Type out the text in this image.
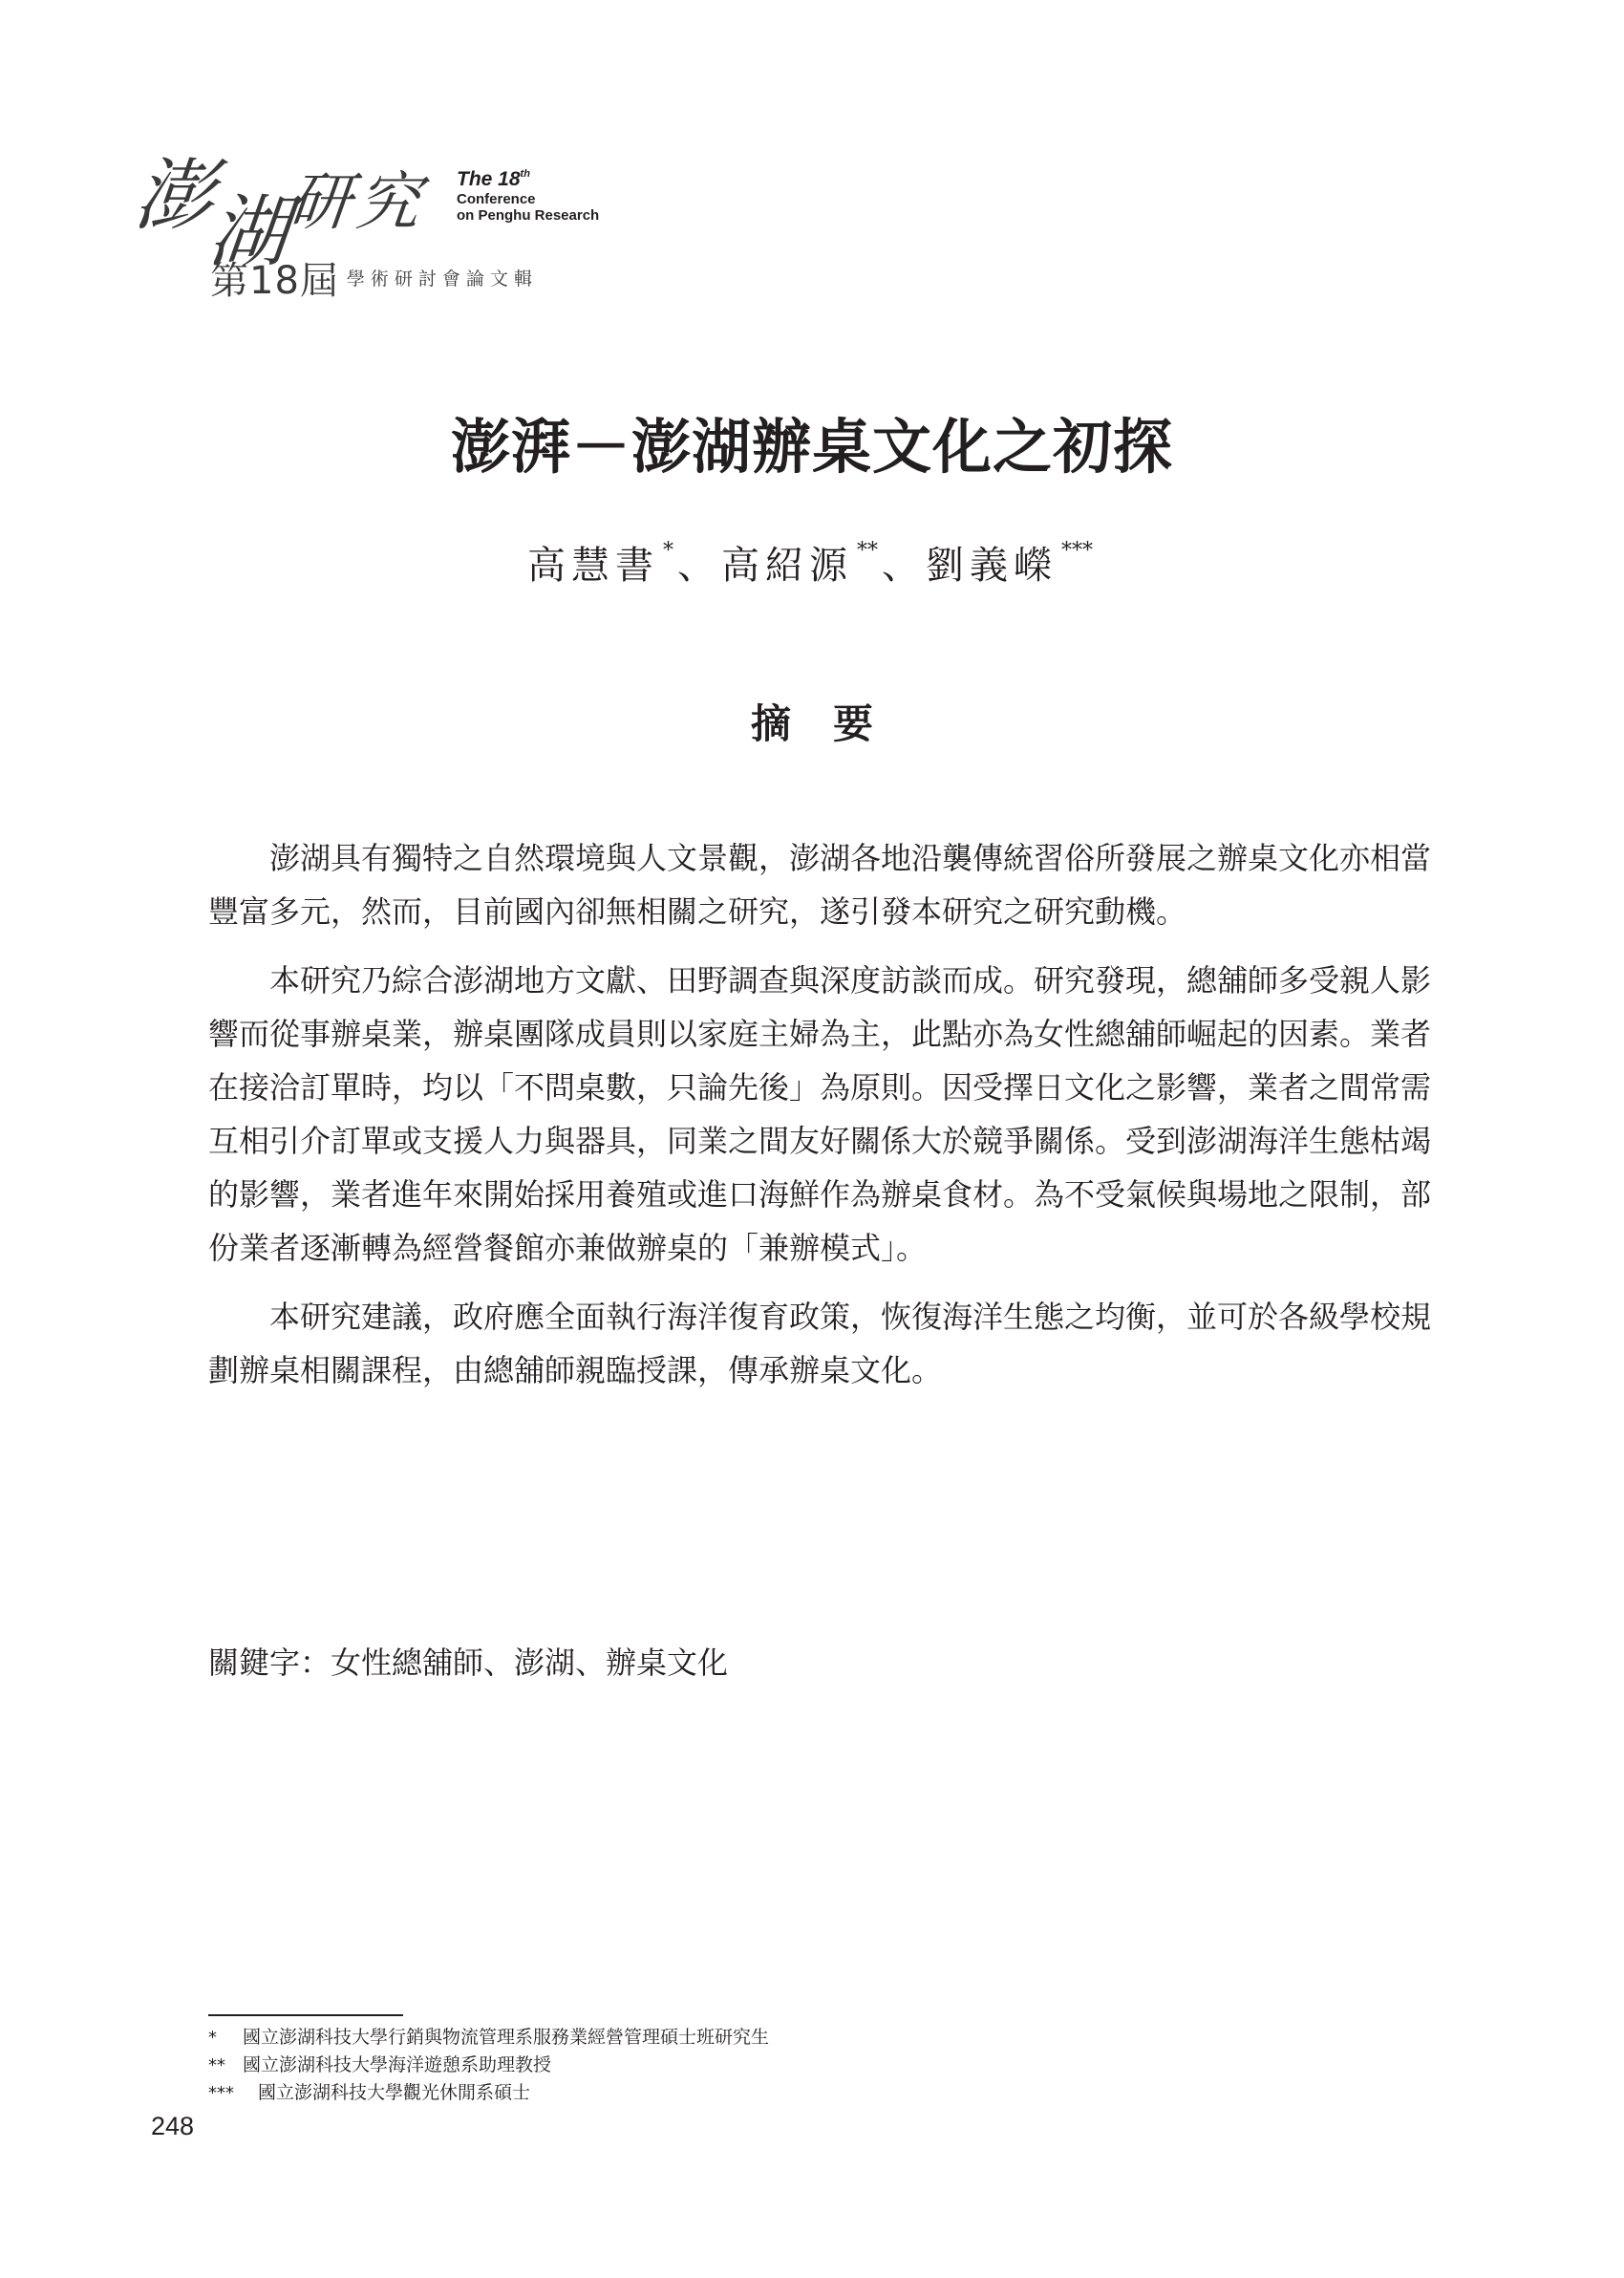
澎
湖
研
究 The 18th
Conference
on Penghu Research
第18屆 學術研討會論文輯
澎湃－澎湖辦桌文化之初探
高慧書 * 、高紹源 ** 、劉義嶸 ***
摘要

澎湖具有獨特之自然環境與人文景觀，澎湖各地沿襲傳統習俗所發展之辦桌文化亦相當豐富多元，然而，目前國內卻無相關之研究，遂引發本研究之研究動機。

本研究乃綜合澎湖地方文獻、田野調查與深度訪談而成。研究發現，總舖師多受親人影響而從事辦桌業，辦桌團隊成員則以家庭主婦為主，此點亦為女性總舖師崛起的因素。業者在接洽訂單時，均以「不問桌數，只論先後」為原則。因受擇日文化之影響，業者之間常需互相引介訂單或支援人力與器具，同業之間友好關係大於競爭關係。受到澎湖海洋生態枯竭的影響，業者進年來開始採用養殖或進口海鮮作為辦桌食材。為不受氣候與場地之限制，部份業者逐漸轉為經營餐館亦兼做辦桌的「兼辦模式」。

本研究建議，政府應全面執行海洋復育政策，恢復海洋生態之均衡，並可於各級學校規劃辦桌相關課程，由總舖師親臨授課，傳承辦桌文化。

關鍵字：女性總舖師、澎湖、辦桌文化
* 國立澎湖科技大學行銷與物流管理系服務業經營管理碩士班研究生
** 國立澎湖科技大學海洋遊憩系助理教授
*** 國立澎湖科技大學觀光休閒系碩士
248
